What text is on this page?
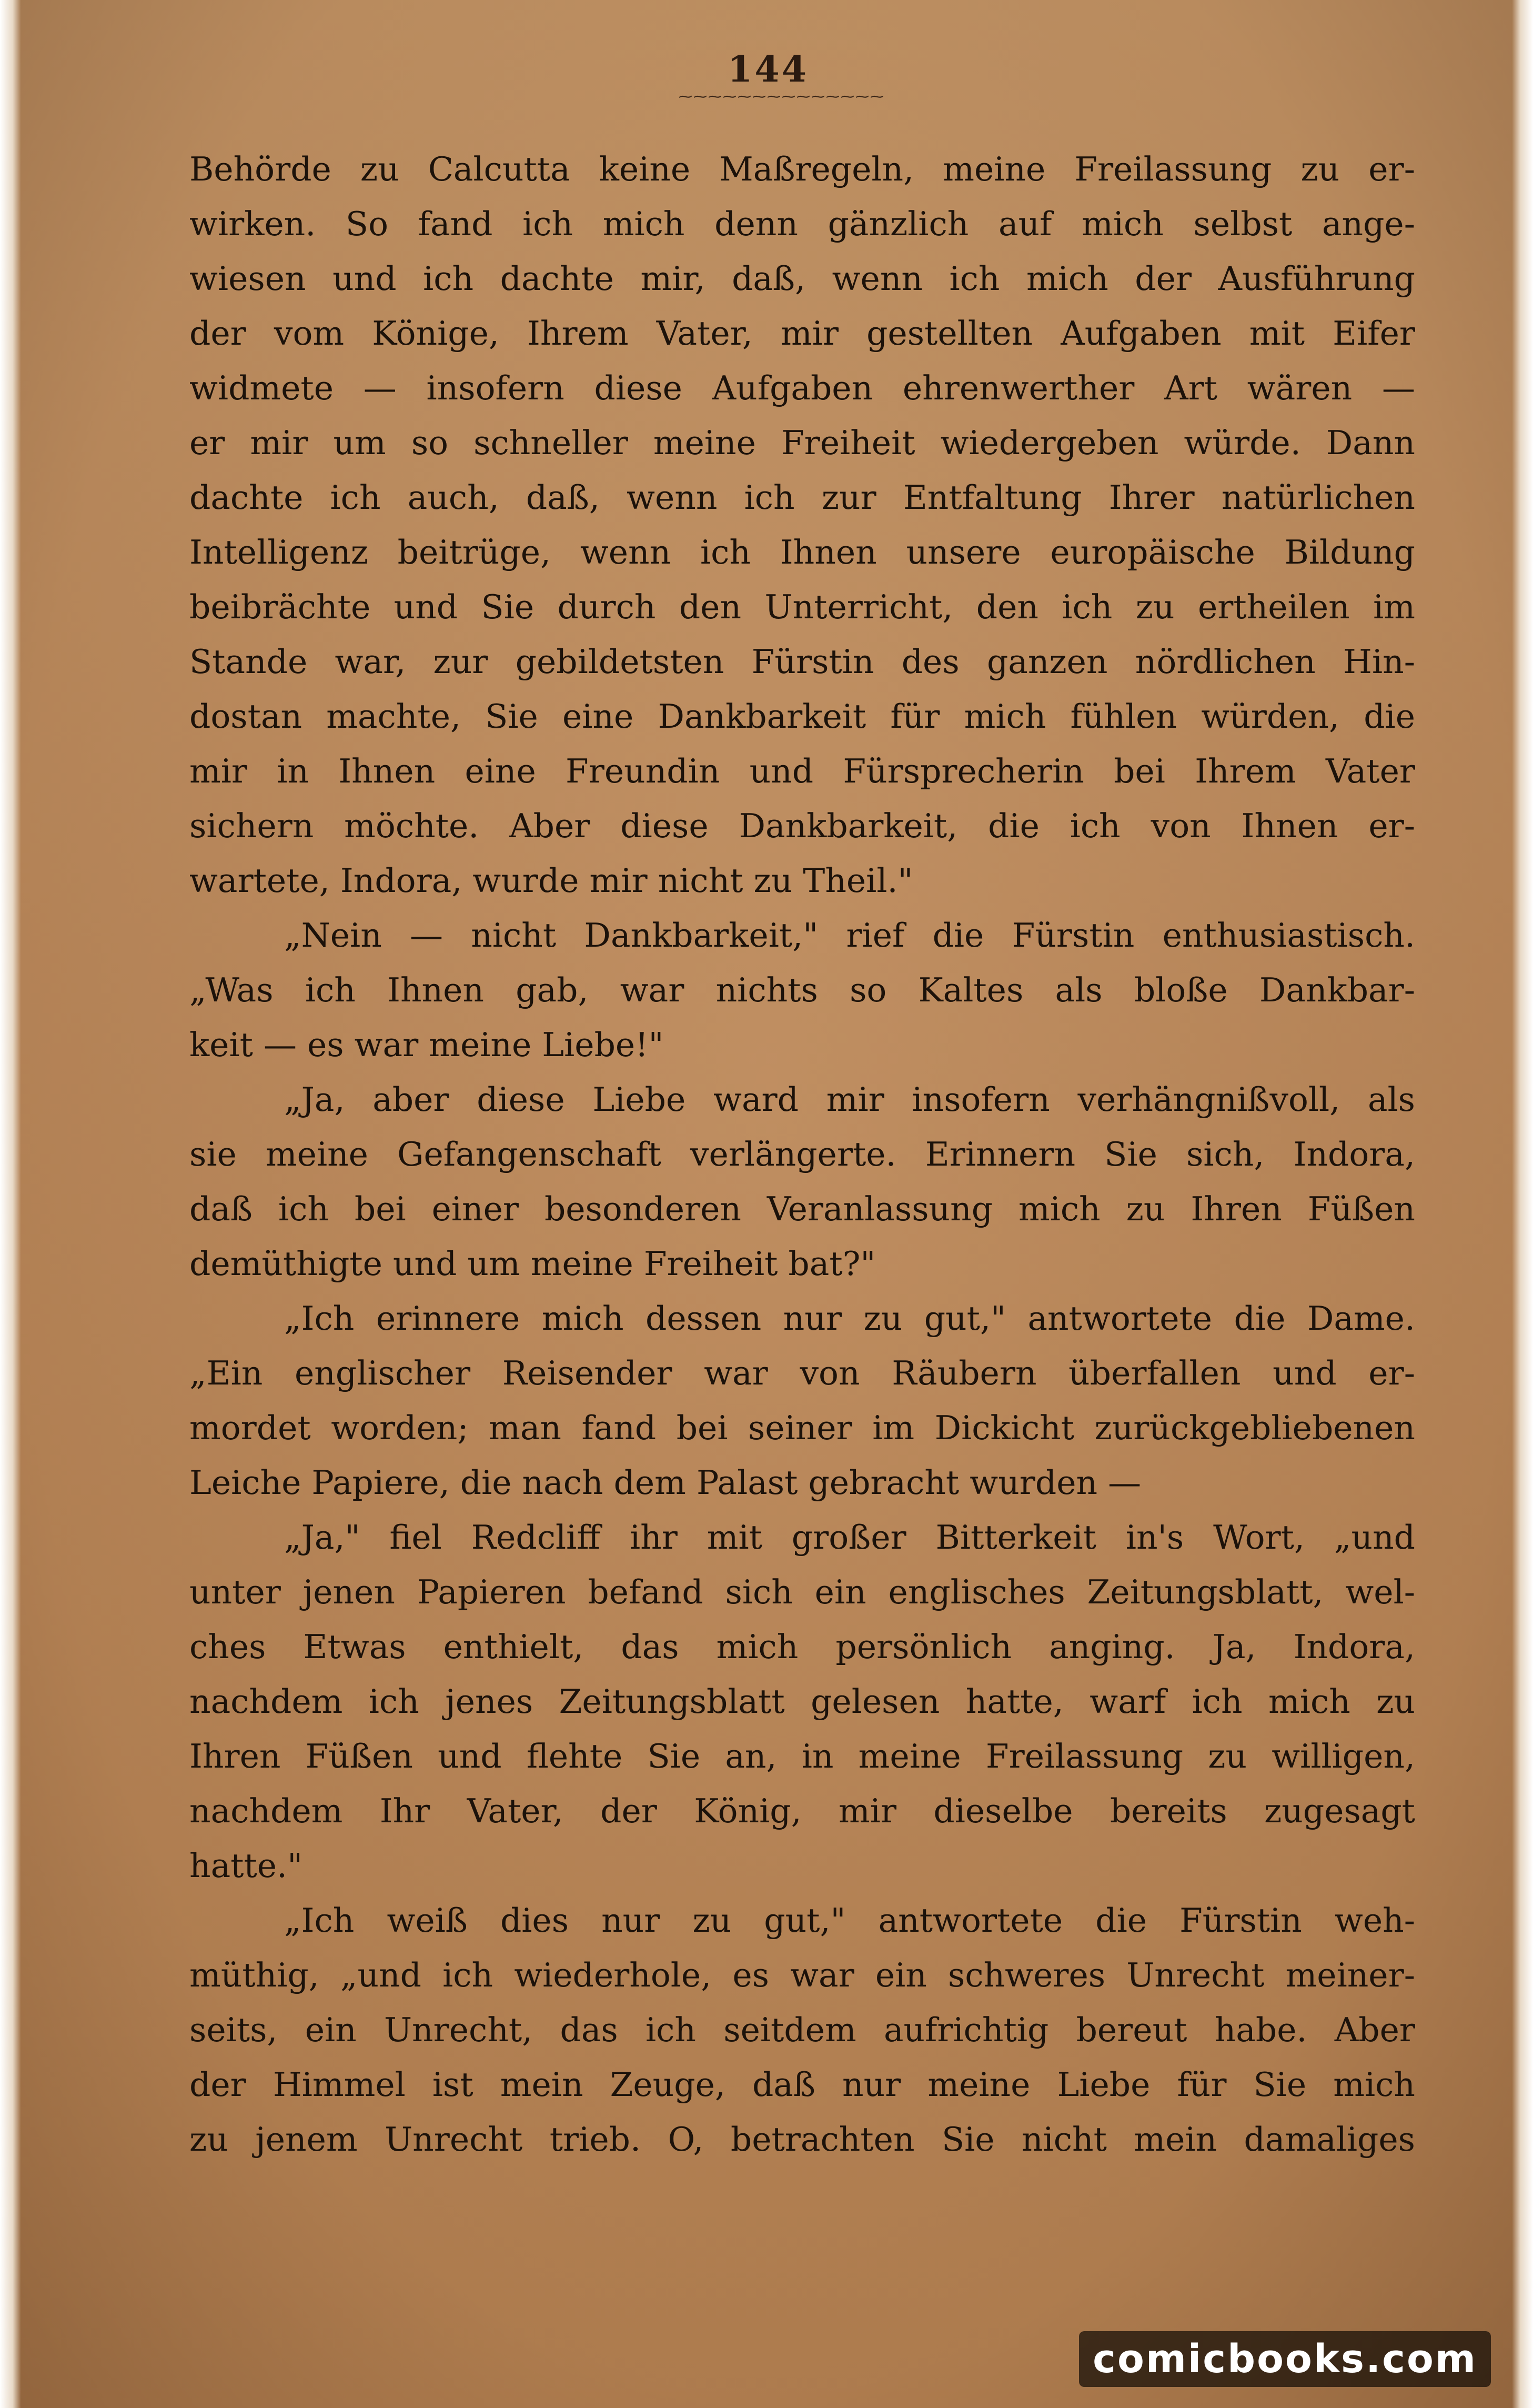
144
⁓⁓⁓⁓⁓⁓⁓⁓⁓⁓⁓⁓⁓⁓
Behörde zu Calcutta keine Maßregeln, meine Freilassung zu er-
wirken. So fand ich mich denn gänzlich auf mich selbst ange-
wiesen und ich dachte mir, daß, wenn ich mich der Ausführung
der vom Könige, Ihrem Vater, mir gestellten Aufgaben mit Eifer
widmete — insofern diese Aufgaben ehrenwerther Art wären —
er mir um so schneller meine Freiheit wiedergeben würde. Dann
dachte ich auch, daß, wenn ich zur Entfaltung Ihrer natürlichen
Intelligenz beitrüge, wenn ich Ihnen unsere europäische Bildung
beibrächte und Sie durch den Unterricht, den ich zu ertheilen im
Stande war, zur gebildetsten Fürstin des ganzen nördlichen Hin-
dostan machte, Sie eine Dankbarkeit für mich fühlen würden, die
mir in Ihnen eine Freundin und Fürsprecherin bei Ihrem Vater
sichern möchte. Aber diese Dankbarkeit, die ich von Ihnen er-
wartete, Indora, wurde mir nicht zu Theil."
„Nein — nicht Dankbarkeit," rief die Fürstin enthusiastisch.
„Was ich Ihnen gab, war nichts so Kaltes als bloße Dankbar-
keit — es war meine Liebe!"
„Ja, aber diese Liebe ward mir insofern verhängnißvoll, als
sie meine Gefangenschaft verlängerte. Erinnern Sie sich, Indora,
daß ich bei einer besonderen Veranlassung mich zu Ihren Füßen
demüthigte und um meine Freiheit bat?"
„Ich erinnere mich dessen nur zu gut," antwortete die Dame.
„Ein englischer Reisender war von Räubern überfallen und er-
mordet worden; man fand bei seiner im Dickicht zurückgebliebenen
Leiche Papiere, die nach dem Palast gebracht wurden —
„Ja," fiel Redcliff ihr mit großer Bitterkeit in's Wort, „und
unter jenen Papieren befand sich ein englisches Zeitungsblatt, wel-
ches Etwas enthielt, das mich persönlich anging. Ja, Indora,
nachdem ich jenes Zeitungsblatt gelesen hatte, warf ich mich zu
Ihren Füßen und flehte Sie an, in meine Freilassung zu willigen,
nachdem Ihr Vater, der König, mir dieselbe bereits zugesagt
hatte."
„Ich weiß dies nur zu gut," antwortete die Fürstin weh-
müthig, „und ich wiederhole, es war ein schweres Unrecht meiner-
seits, ein Unrecht, das ich seitdem aufrichtig bereut habe. Aber
der Himmel ist mein Zeuge, daß nur meine Liebe für Sie mich
zu jenem Unrecht trieb. O, betrachten Sie nicht mein damaliges
comicbooks.com
